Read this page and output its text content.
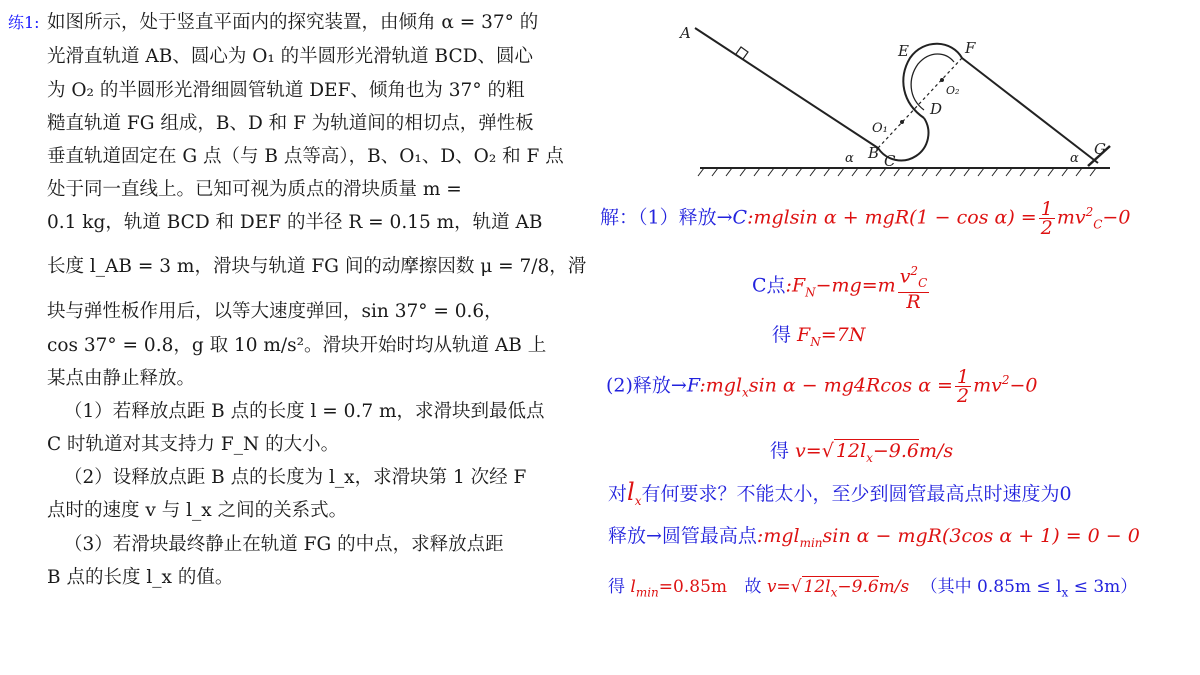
练1: 如图所示，处于竖直平面内的探究装置，由倾角 α = 37° 的
光滑直轨道 AB、圆心为 O₁ 的半圆形光滑轨道 BCD、圆心
为 O₂ 的半圆形光滑细圆管轨道 DEF、倾角也为 37° 的粗
糙直轨道 FG 组成，B、D 和 F 为轨道间的相切点，弹性板
垂直轨道固定在 G 点（与 B 点等高），B、O₁、D、O₂ 和 F 点
处于同一直线上。已知可视为质点的滑块质量 m =
0.1 kg，轨道 BCD 和 DEF 的半径 R = 0.15 m，轨道 AB
长度 l_AB = 3 m，滑块与轨道 FG 间的动摩擦因数 μ = 7/8，滑
块与弹性板作用后，以等大速度弹回，sin 37° = 0.6，
cos 37° = 0.8，g 取 10 m/s²。滑块开始时均从轨道 AB 上
某点由静止释放。
（1）若释放点距 B 点的长度 l = 0.7 m，求滑块到最低点
C 时轨道对其支持力 F_N 的大小。
（2）设释放点距 B 点的长度为 l_x，求滑块第 1 次经 F
点时的速度 v 与 l_x 之间的关系式。
（3）若滑块最终静止在轨道 FG 的中点，求释放点距
B 点的长度 l_x 的值。
A
E	F
O₂
D
O₁
α B C	α
G
解：（1）释放→C:mglsin $\alpha + mgR(1 - \cos \alpha) = \frac{1}{2} mv^2_C-0$
C点$:F_N-mg=m \frac{v^2_C}{R}$
得 $F_N=7N$
(2)释放→F:mgl$_x$sin α − mg4Rcos $\alpha = \frac{1}{2} mv^2-0$
得 v=√ $12l_x-9.6m/s$
对$l_x$有何要求？不能太小，至少到圆管最高点时速度为0
释放→圆管最高点:mgl$_{min}$sin α − mgR(3cos α + 1) = 0 − 0
得 $l_{min}=0.85m$ 故 v=√ $12l_x-9.6m/s$ （其中 $0.85m \le l_x \le 3m$）
